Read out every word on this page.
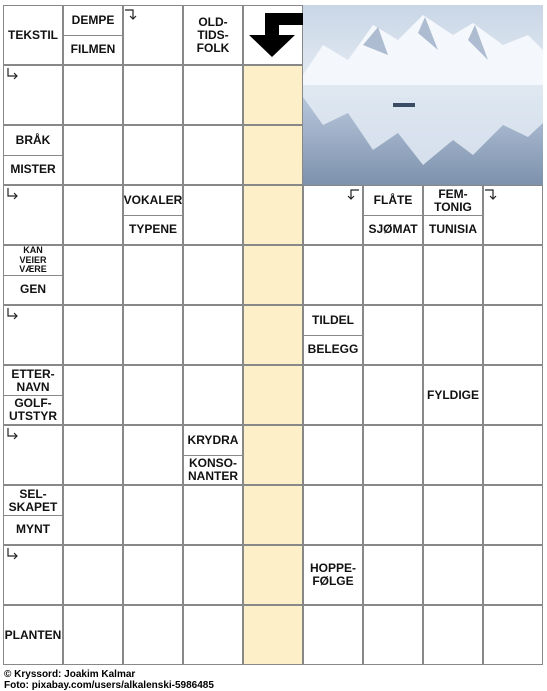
TEKSTIL
DEMPE
FILMEN
OLD-
TIDS-
FOLK
BRÅK
MISTER
VOKALER
TYPENE
FLÅTE	FEM-
TONIG
SJØMAT TUNISIA
KAN
VEIER
VÆRE
GEN
TILDEL
BELEGG
ETTER-
NAVN
GOLF-
UTSTYR
FYLDIGE
KRYDRA
KONSO-
NANTER
SEL-
SKAPET
MYNT
HOPPE-
FØLGE
PLANTEN
© Kryssord: Joakim Kalmar
Foto: pixabay.com/users/alkalenski-5986485
